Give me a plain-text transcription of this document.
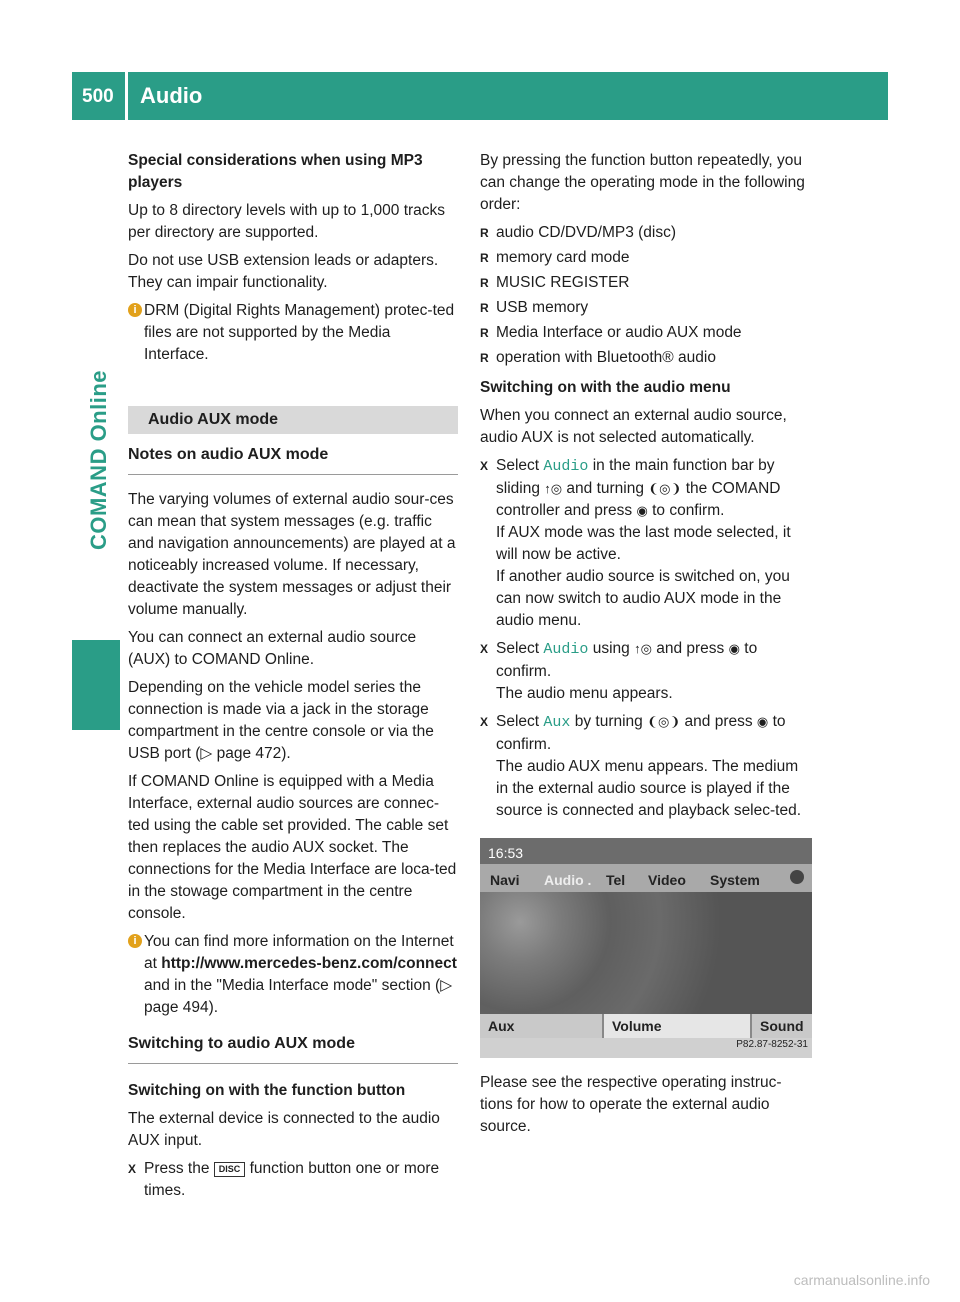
500 Audio
COMAND Online

Special considerations when using MP3 players

Up to 8 directory levels with up to 1,000 tracks per directory are supported.

Do not use USB extension leads or adapters. They can impair functionality.

i DRM (Digital Rights Management) protec-ted files are not supported by the Media Interface.
Audio AUX mode
Notes on audio AUX mode

The varying volumes of external audio sour-ces can mean that system messages (e.g. traffic and navigation announcements) are played at a noticeably increased volume. If necessary, deactivate the system messages or adjust their volume manually.

You can connect an external audio source (AUX) to COMAND Online.

Depending on the vehicle model series the connection is made via a jack in the storage compartment in the centre console or via the USB port (▷ page 472).

If COMAND Online is equipped with a Media Interface, external audio sources are connec-ted using the cable set provided. The cable set then replaces the audio AUX socket. The connections for the Media Interface are loca-ted in the stowage compartment in the centre console.

i You can find more information on the Internet at http://www.mercedes-benz.com/connect and in the "Media Interface mode" section (▷ page 494).
Switching to audio AUX mode

Switching on with the function button

The external device is connected to the audio AUX input.

X Press the DISC function button one or more times.

By pressing the function button repeatedly, you can change the operating mode in the following order:

R audio CD/DVD/MP3 (disc)
R memory card mode
R MUSIC REGISTER
R USB memory
R Media Interface or audio AUX mode
R operation with Bluetooth® audio

Switching on with the audio menu

When you connect an external audio source, audio AUX is not selected automatically.

X Select Audio in the main function bar by sliding ↑◎ and turning ❨◎❩ the COMAND controller and press ◉ to confirm.

If AUX mode was the last mode selected, it will now be active.

If another audio source is switched on, you can now switch to audio AUX mode in the audio menu.

X Select Audio using ↑◎ and press ◉ to confirm.

The audio menu appears.

X Select Aux by turning ❨◎❩ and press ◉ to confirm.

The audio AUX menu appears. The medium in the external audio source is played if the source is connected and playback selec-ted.

16:53
Navi Audio . Tel Video System
Aux	Volume	Sound
P82.87-8252-31

Please see the respective operating instruc-tions for how to operate the external audio source.

carmanualsonline.info
